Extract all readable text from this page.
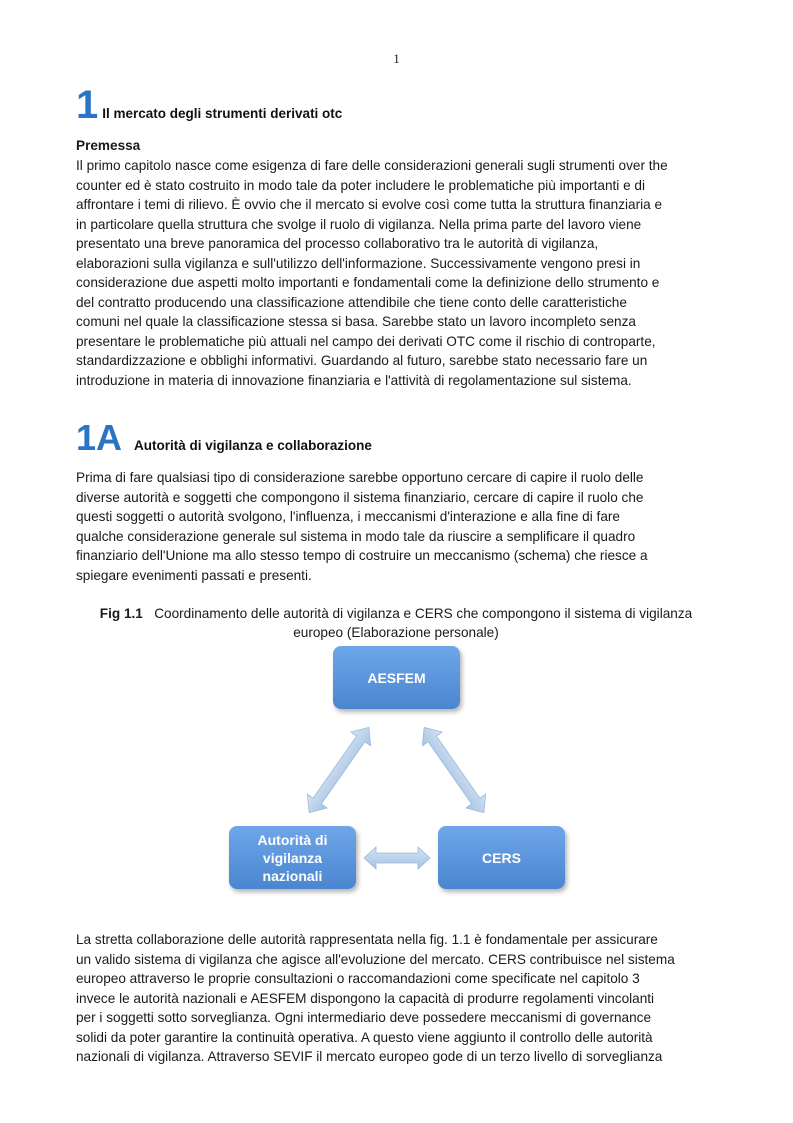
1
1 Il mercato degli strumenti derivati otc

Premessa

Il primo capitolo nasce come esigenza di fare delle considerazioni generali sugli strumenti over the

counter ed è stato costruito in modo tale da poter includere le problematiche più importanti e di

affrontare i temi di rilievo. È ovvio che il mercato si evolve così come tutta la struttura finanziaria e

in particolare quella struttura che svolge il ruolo di vigilanza. Nella prima parte del lavoro viene

presentato una breve panoramica del processo collaborativo tra le autorità di vigilanza,

elaborazioni sulla vigilanza e sull'utilizzo dell'informazione. Successivamente vengono presi in

considerazione due aspetti molto importanti e fondamentali come la definizione dello strumento e

del contratto producendo una classificazione attendibile che tiene conto delle caratteristiche

comuni nel quale la classificazione stessa si basa. Sarebbe stato un lavoro incompleto senza

presentare le problematiche più attuali nel campo dei derivati OTC come il rischio di controparte,

standardizzazione e obblighi informativi. Guardando al futuro, sarebbe stato necessario fare un

introduzione in materia di innovazione finanziaria e l'attività di regolamentazione sul sistema.

1A Autorità di vigilanza e collaborazione

Prima di fare qualsiasi tipo di considerazione sarebbe opportuno cercare di capire il ruolo delle

diverse autorità e soggetti che compongono il sistema finanziario, cercare di capire il ruolo che

questi soggetti o autorità svolgono, l'influenza, i meccanismi d'interazione e alla fine di fare

qualche considerazione generale sul sistema in modo tale da riuscire a semplificare il quadro

finanziario dell'Unione ma allo stesso tempo di costruire un meccanismo (schema) che riesce a

spiegare evenimenti passati e presenti.

Fig 1.1 Coordinamento delle autorità di vigilanza e CERS che compongono il sistema di vigilanza
europeo (Elaborazione personale)
AESFEM
Autorità di
vigilanza
nazionali
CERS

La stretta collaborazione delle autorità rappresentata nella fig. 1.1 è fondamentale per assicurare

un valido sistema di vigilanza che agisce all'evoluzione del mercato. CERS contribuisce nel sistema

europeo attraverso le proprie consultazioni o raccomandazioni come specificate nel capitolo 3

invece le autorità nazionali e AESFEM dispongono la capacità di produrre regolamenti vincolanti

per i soggetti sotto sorveglianza. Ogni intermediario deve possedere meccanismi di governance

solidi da poter garantire la continuità operativa. A questo viene aggiunto il controllo delle autorità

nazionali di vigilanza. Attraverso SEVIF il mercato europeo gode di un terzo livello di sorveglianza
